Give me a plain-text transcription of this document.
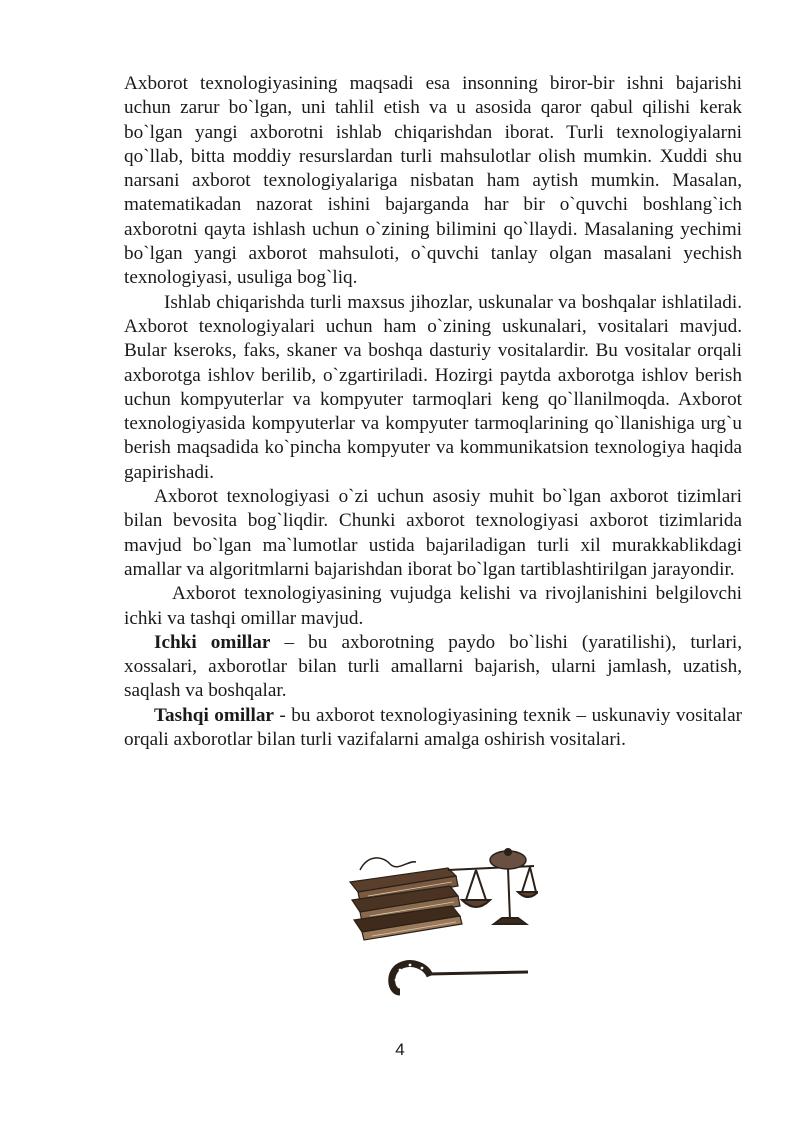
Axborot texnologiyasining maqsadi esa insonning biror-bir ishni bajarishi uchun zarur bo`lgan, uni tahlil etish va u asosida qaror qabul qilishi kerak bo`lgan yangi axborotni ishlab chiqarishdan iborat. Turli texnologiyalarni qo`llab, bitta moddiy resurslardan turli mahsulotlar olish mumkin. Xuddi shu narsani axborot texnologiyalariga nisbatan ham aytish mumkin. Masalan, matematikadan nazorat ishini bajarganda har bir o`quvchi boshlang`ich axborotni qayta ishlash uchun o`zining bilimini qo`llaydi. Masalaning yechimi bo`lgan yangi axborot mahsuloti, o`quvchi tanlay olgan masalani yechish texnologiyasi, usuliga bog`liq.

Ishlab chiqarishda turli maxsus jihozlar, uskunalar va boshqalar ishlatiladi. Axborot texnologiyalari uchun ham o`zining uskunalari, vositalari mavjud. Bular kseroks, faks, skaner va boshqa dasturiy vositalardir. Bu vositalar orqali axborotga ishlov berilib, o`zgartiriladi. Hozirgi paytda axborotga ishlov berish uchun kompyuterlar va kompyuter tarmoqlari keng qo`llanilmoqda. Axborot texnologiyasida kompyuterlar va kompyuter tarmoqlarining qo`llanishiga urg`u berish maqsadida ko`pincha kompyuter va kommunikatsion texnologiya haqida gapirishadi.

Axborot texnologiyasi o`zi uchun asosiy muhit bo`lgan axborot tizimlari bilan bevosita bog`liqdir. Chunki axborot texnologiyasi axborot tizimlarida mavjud bo`lgan ma`lumotlar ustida bajariladigan turli xil murakkablikdagi amallar va algoritmlarni bajarishdan iborat bo`lgan tartiblashtirilgan jarayondir.

Axborot texnologiyasining vujudga kelishi va rivojlanishini belgilovchi ichki va tashqi omillar mavjud.

Ichki omillar – bu axborotning paydo bo`lishi (yaratilishi), turlari, xossalari, axborotlar bilan turli amallarni bajarish, ularni jamlash, uzatish, saqlash va boshqalar.

Tashqi omillar - bu axborot texnologiyasining texnik – uskunaviy vositalar orqali axborotlar bilan turli vazifalarni amalga oshirish vositalari.

4
